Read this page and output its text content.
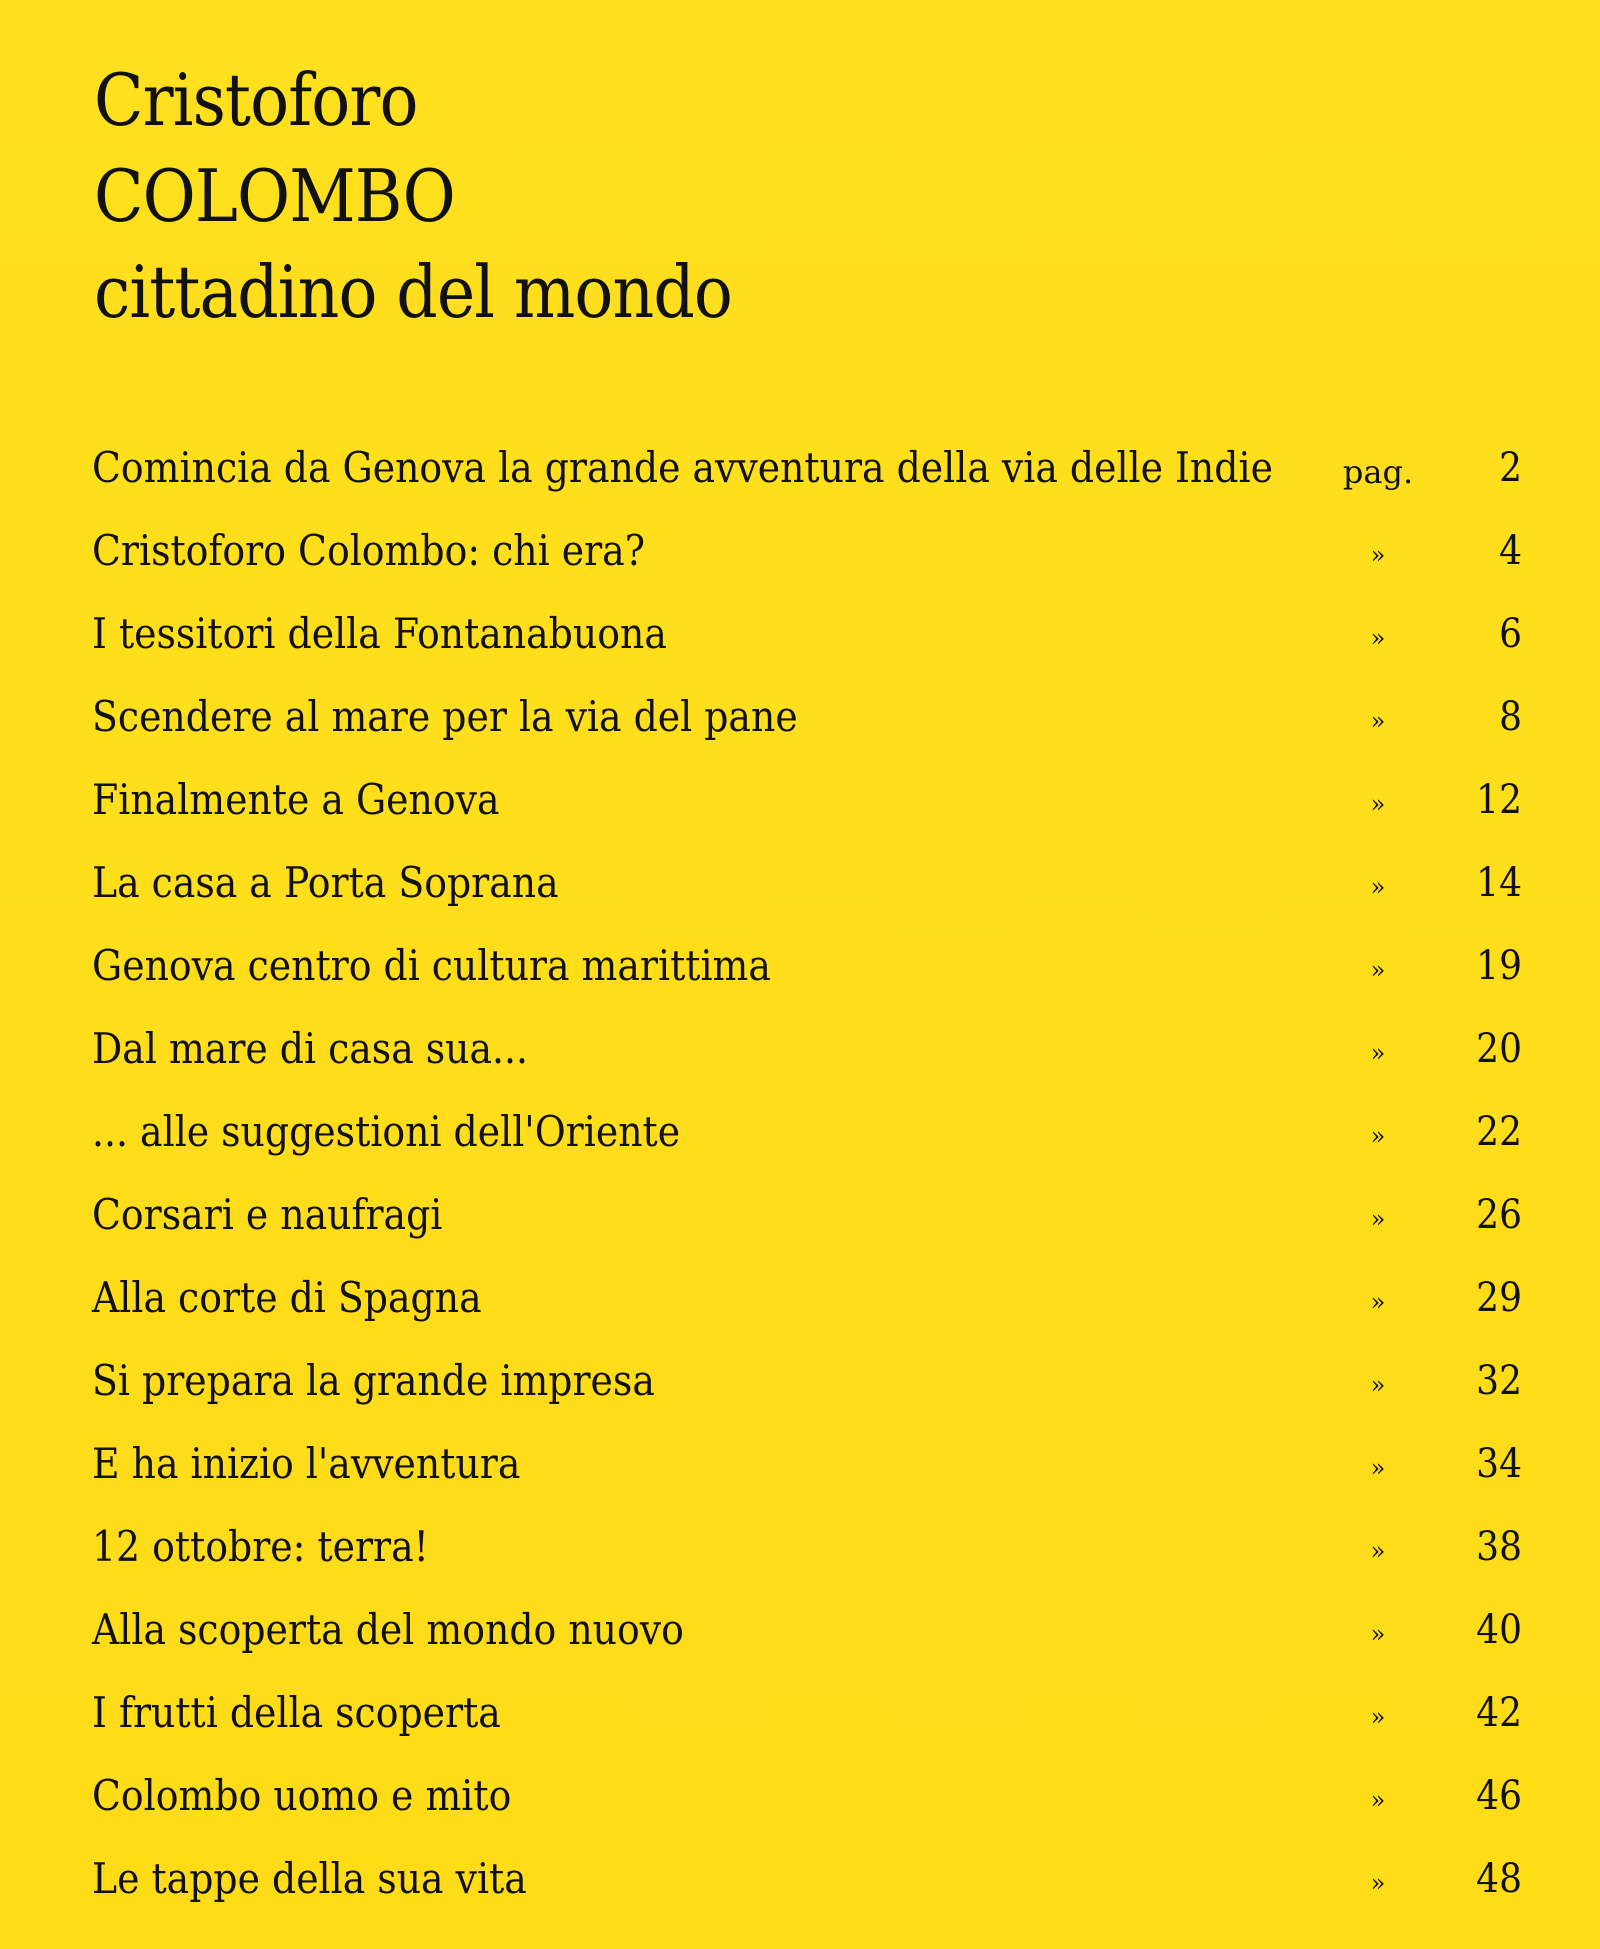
Cristoforo
COLOMBO
cittadino del mondo
Comincia da Genova la grande avventura della via delle Indie	pag.	2
Cristoforo Colombo: chi era?	»	4
I tessitori della Fontanabuona	»	6
Scendere al mare per la via del pane	»	8
Finalmente a Genova	»	12
La casa a Porta Soprana	»	14
Genova centro di cultura marittima	»	19
Dal mare di casa sua...	»	20
... alle suggestioni dell'Oriente	»	22
Corsari e naufragi	»	26
Alla corte di Spagna	»	29
Si prepara la grande impresa	»	32
E ha inizio l'avventura	»	34
12 ottobre: terra!	»	38
Alla scoperta del mondo nuovo	»	40
I frutti della scoperta	»	42
Colombo uomo e mito	»	46
Le tappe della sua vita	»	48
